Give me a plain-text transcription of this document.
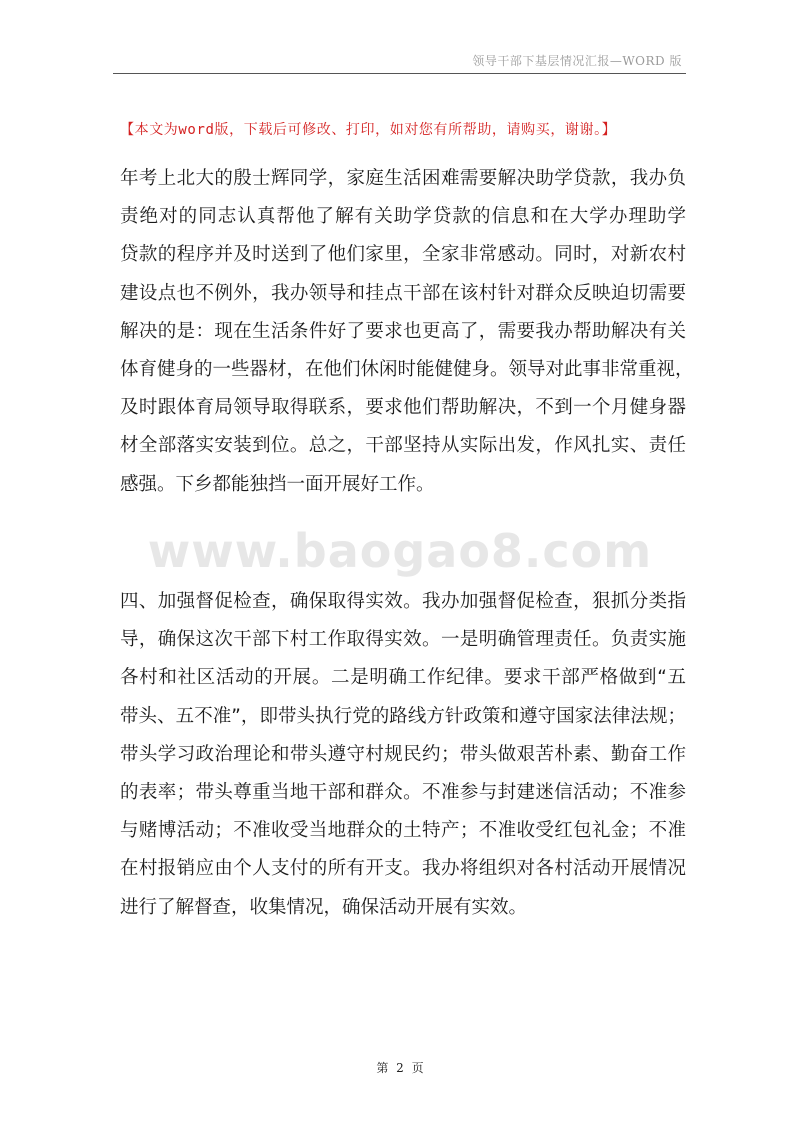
领导干部下基层情况汇报—WORD 版
【本文为word版，下载后可修改、打印，如对您有所帮助，请购买，谢谢。】
www.baogao8.com
年考上北大的殷士辉同学，家庭生活困难需要解决助学贷款，我办负
责绝对的同志认真帮他了解有关助学贷款的信息和在大学办理助学
贷款的程序并及时送到了他们家里，全家非常感动。同时，对新农村
建设点也不例外，我办领导和挂点干部在该村针对群众反映迫切需要
解决的是：现在生活条件好了要求也更高了，需要我办帮助解决有关
体育健身的一些器材，在他们休闲时能健健身。领导对此事非常重视，
及时跟体育局领导取得联系，要求他们帮助解决，不到一个月健身器
材全部落实安装到位。总之，干部坚持从实际出发，作风扎实、责任
感强。下乡都能独挡一面开展好工作。
四、加强督促检查，确保取得实效。我办加强督促检查，狠抓分类指
导，确保这次干部下村工作取得实效。一是明确管理责任。负责实施
各村和社区活动的开展。二是明确工作纪律。要求干部严格做到“五
带头、五不准”，即带头执行党的路线方针政策和遵守国家法律法规；
带头学习政治理论和带头遵守村规民约；带头做艰苦朴素、勤奋工作
的表率；带头尊重当地干部和群众。不准参与封建迷信活动；不准参
与赌博活动；不准收受当地群众的土特产；不准收受红包礼金；不准
在村报销应由个人支付的所有开支。我办将组织对各村活动开展情况
进行了解督查，收集情况，确保活动开展有实效。
第 2 页
